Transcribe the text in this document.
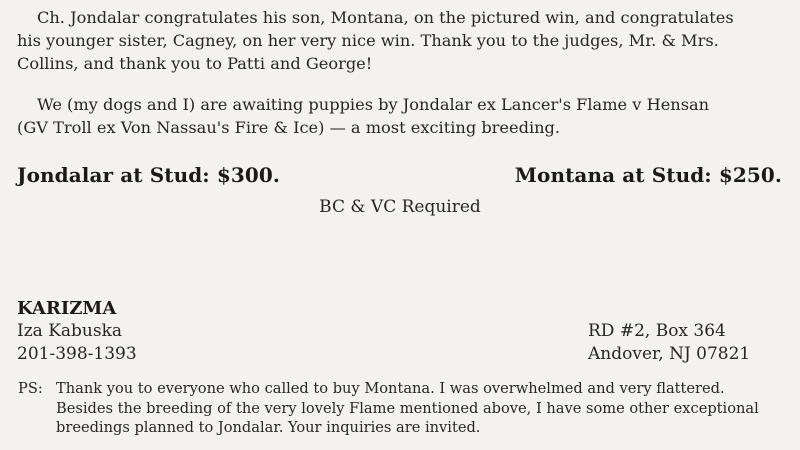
Ch. Jondalar congratulates his son, Montana, on the pictured win, and congratulates
his younger sister, Cagney, on her very nice win. Thank you to the judges, Mr. & Mrs.
Collins, and thank you to Patti and George!
We (my dogs and I) are awaiting puppies by Jondalar ex Lancer's Flame v Hensan
(GV Troll ex Von Nassau's Fire & Ice) — a most exciting breeding.
Jondalar at Stud: $300.	Montana at Stud: $250.
BC & VC Required
KARIZMA
Iza Kabuska
201-398-1393
RD #2, Box 364
Andover, NJ 07821
PS: Thank you to everyone who called to buy Montana. I was overwhelmed and very flattered.
Besides the breeding of the very lovely Flame mentioned above, I have some other exceptional
breedings planned to Jondalar. Your inquiries are invited.
